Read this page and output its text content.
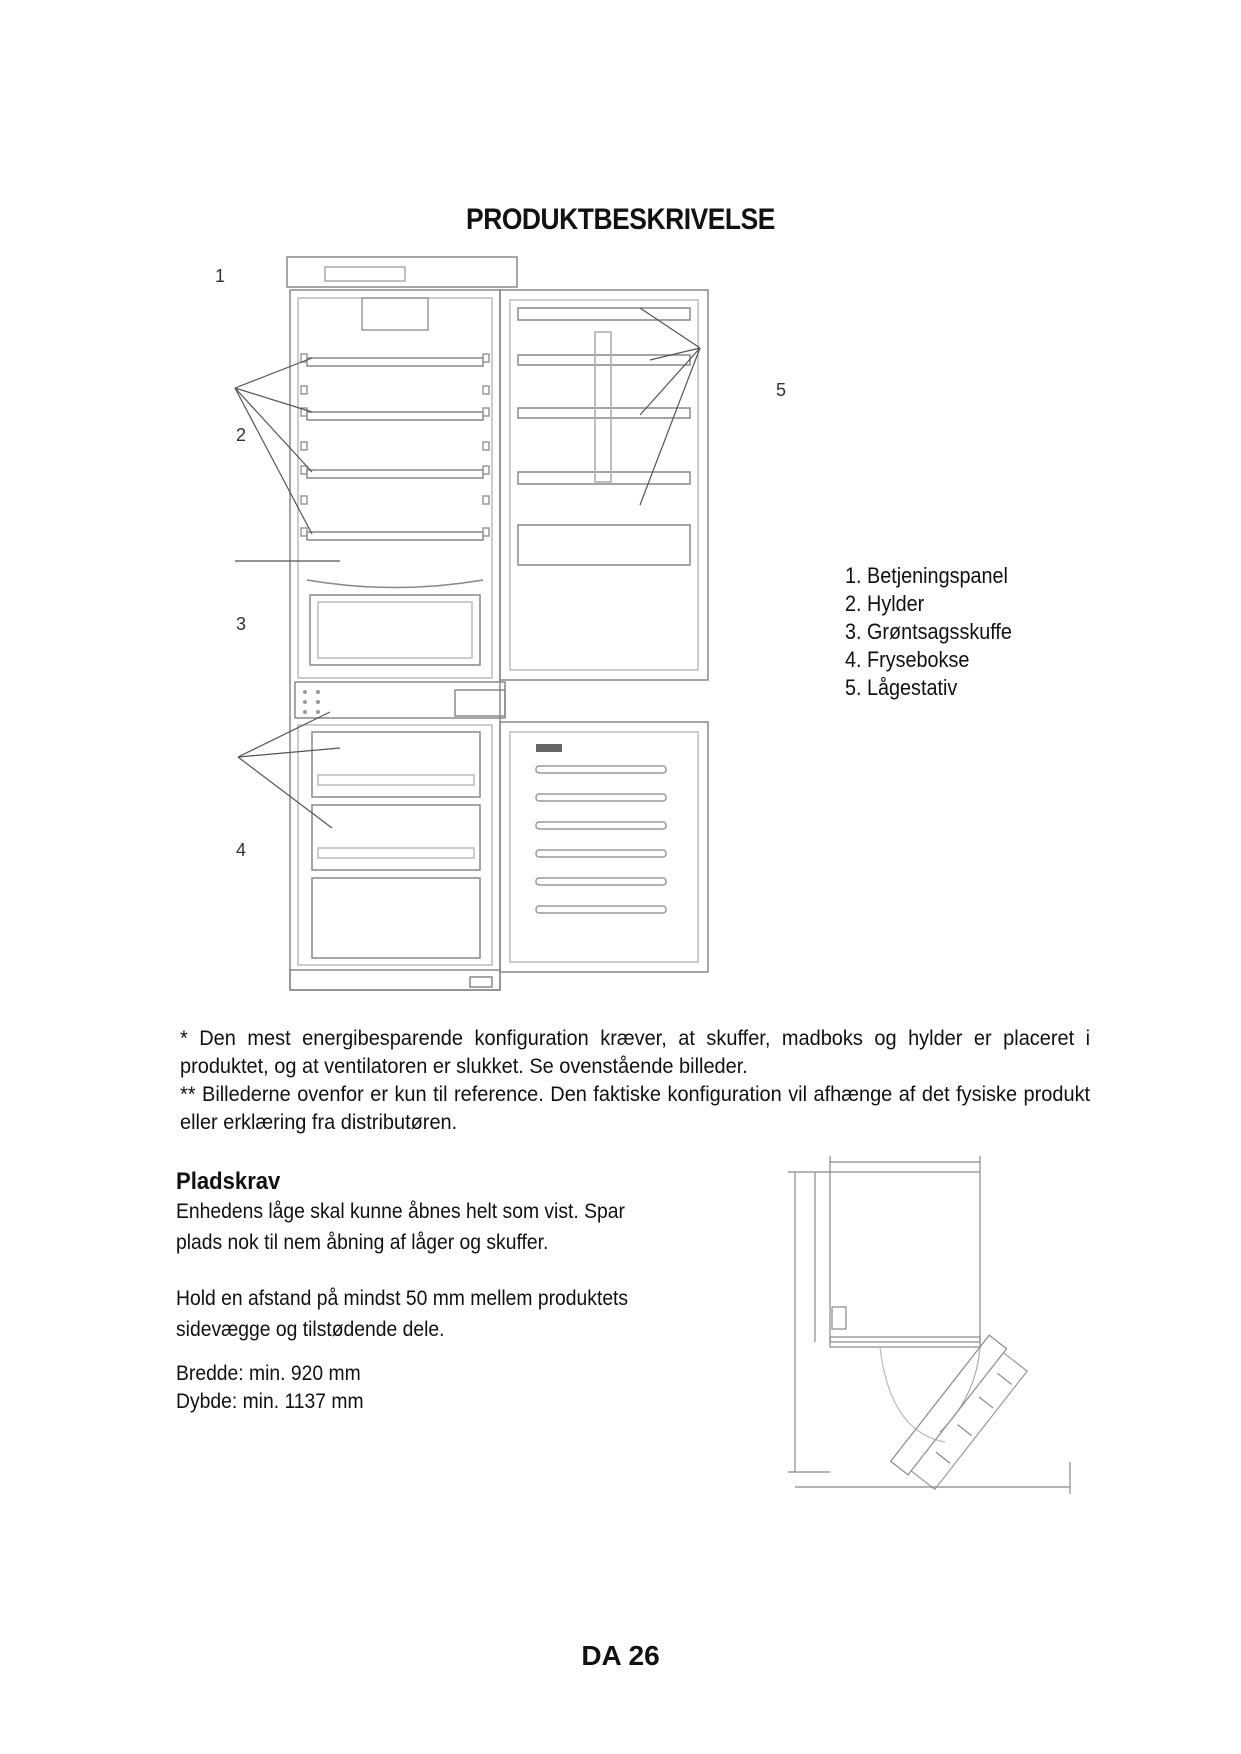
PRODUKTBESKRIVELSE
1
2
3
4
5
1. Betjeningspanel
2. Hylder
3. Grøntsagsskuffe
4. Frysebokse
5. Lågestativ

* Den mest energibesparende konfiguration kræver, at skuffer, madboks og hylder er placeret i produktet, og at ventilatoren er slukket. Se ovenstående billeder.

** Billederne ovenfor er kun til reference. Den faktiske konfiguration vil afhænge af det fysiske produkt eller erklæring fra distributøren.

Pladskrav
Enhedens låge skal kunne åbnes helt som vist. Spar
plads nok til nem åbning af låger og skuffer.
Hold en afstand på mindst 50 mm mellem produktets
sidevægge og tilstødende dele.
Bredde: min. 920 mm
Dybde: min. 1137 mm
DA 26
